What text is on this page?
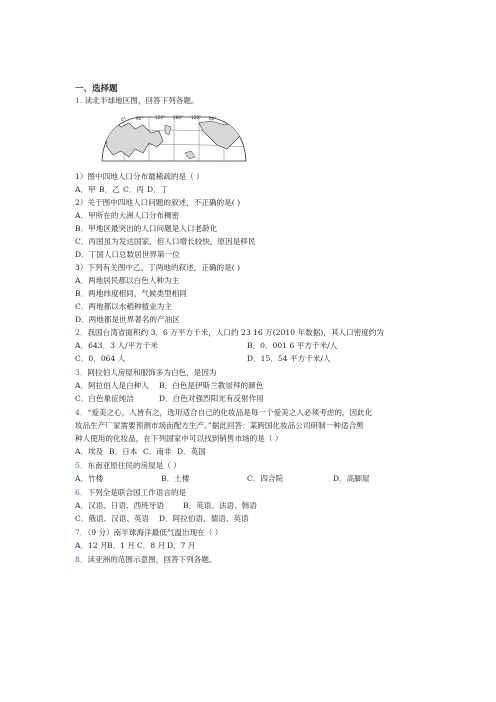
一、选择题
1. 读北半球地区图，回答下列各题。
0° 60°	120° 180° 120° 60°
1）图中四地人口分布最稀疏的是（ ）
A．甲 B．乙 C．丙 D．丁
2）关于图中四地人口问题的叙述，不正确的是( )
A．甲所在的大洲人口分布稠密
B．甲地区最突出的人口问题是人口老龄化
C．丙国虽为发达国家，但人口增长较快，原因是移民
D．丁国人口总数居世界第一位
3）下列有关图中乙、丁两地的叙述，正确的是( )
A．两地居民都以白色人种为主
B．两地纬度相同，气候类型相同
C．两地都以水稻种植业为主
D．两地都是世界著名的产油区
2．我国台湾省面积约 3．6 万平方千米，人口约 23 16 万(2010 年数据)，其人口密度约为
A．643．3 人/平方千米	B．0．001 6 平方千米/人
C．0．064 人	D．15．54 平方千米/人
3．阿拉伯人房屋和服饰多为白色，是因为
A．阿拉伯人是白种人 B．白色是伊斯兰教崇拜的颜色
C．白色象征纯洁	D．白色对强烈阳光有反射作用
4．“爱美之心，人皆有之，选用适合自己的化妆品是每一个爱美之人必须考虑的，因此化
妆品生产厂家需要预测市场而配方生产。”据此回答：某跨国化妆品公司研制一种适合黑
种人使用的化妆品，在下列国家中可以找到销售市场的是（ ）
A．埃及 B．日本 C．南非 D．英国
5．东南亚原住民的房屋是（ ）
A．竹楼	B．土楼	C．四合院	D．高脚屋
6．下列全是联合国工作语言的是
A．汉语、日语、西班牙语 B．英语、法语、韩语
C．俄语、汉语、英语 D．阿拉伯语、德语、英语
7．（9 分）南半球海洋最低气温出现在（ ）
A．12 月 B．1 月 C．8 月 D．7 月
8．读亚洲的范围示意图，回答下列各题。
